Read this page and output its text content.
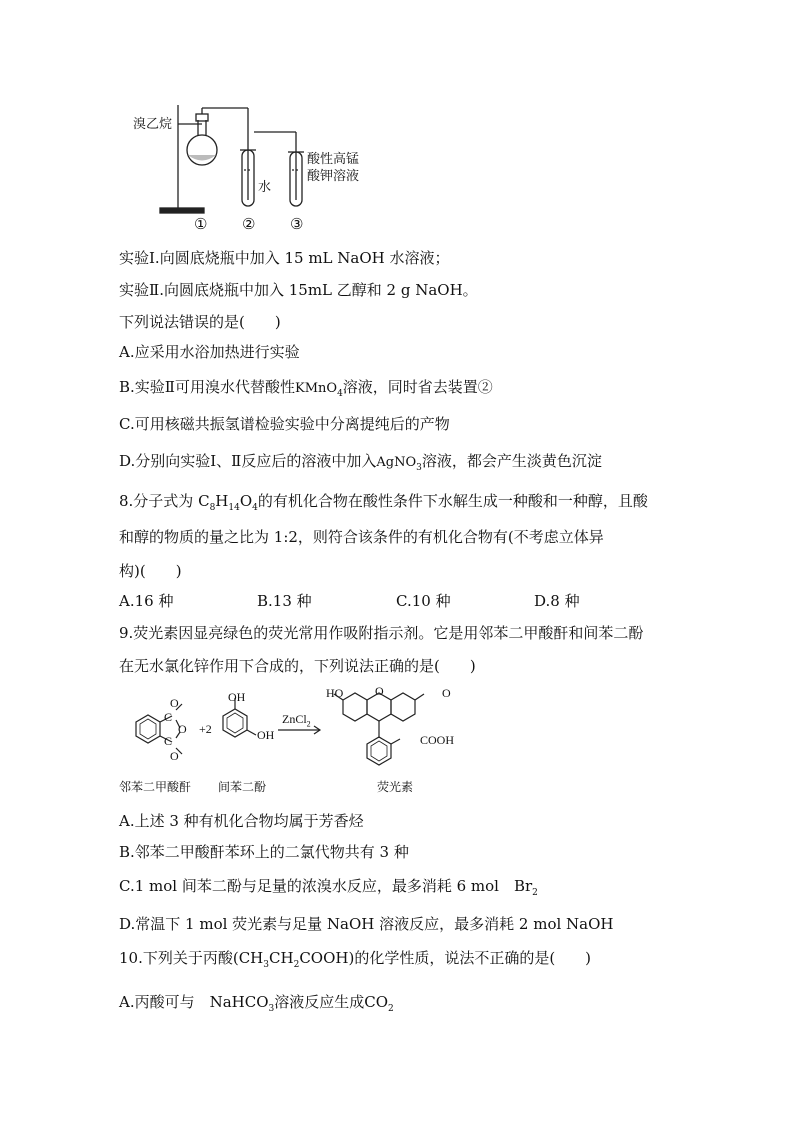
溴乙烷
水
酸性高锰
酸钾溶液
① ② ③
实验Ⅰ.向圆底烧瓶中加入 15 mL NaOH 水溶液；
实验Ⅱ.向圆底烧瓶中加入 15mL 乙醇和 2 g NaOH。
下列说法错误的是(　　)
A.应采用水浴加热进行实验
B.实验Ⅱ可用溴水代替酸性KMnO$_4$溶液，同时省去装置②
C.可用核磁共振氢谱检验实验中分离提纯后的产物
D.分别向实验Ⅰ、Ⅱ反应后的溶液中加入AgNO$_3$溶液，都会产生淡黄色沉淀
8.分子式为 $C_8H_{14}O_4$的有机化合物在酸性条件下水解生成一种酸和一种醇，且酸
和醇的物质的量之比为 1:2，则符合该条件的有机化合物有(不考虑立体异
构)(　　)
A.16 种	B.13 种	C.10 种	D.8 种
9.荧光素因显亮绿色的荧光常用作吸附指示剂。它是用邻苯二甲酸酐和间苯二酚
在无水氯化锌作用下合成的，下列说法正确的是(　　)
O
C
O
C
O
+2
OH
OH
ZnCl$_2$
HO	O	O
COOH
邻苯二甲酸酐 间苯二酚	荧光素
A.上述 3 种有机化合物均属于芳香烃
B.邻苯二甲酸酐苯环上的二氯代物共有 3 种
C.1 mol 间苯二酚与足量的浓溴水反应，最多消耗 6 mol　$Br_2$
D.常温下 1 mol 荧光素与足量 NaOH 溶液反应，最多消耗 2 mol NaOH
10.下列关于丙酸$(CH_3CH_2COOH)$的化学性质，说法不正确的是(　　)
A.丙酸可与　NaHCO$_3$溶液反应生成$CO_2$
